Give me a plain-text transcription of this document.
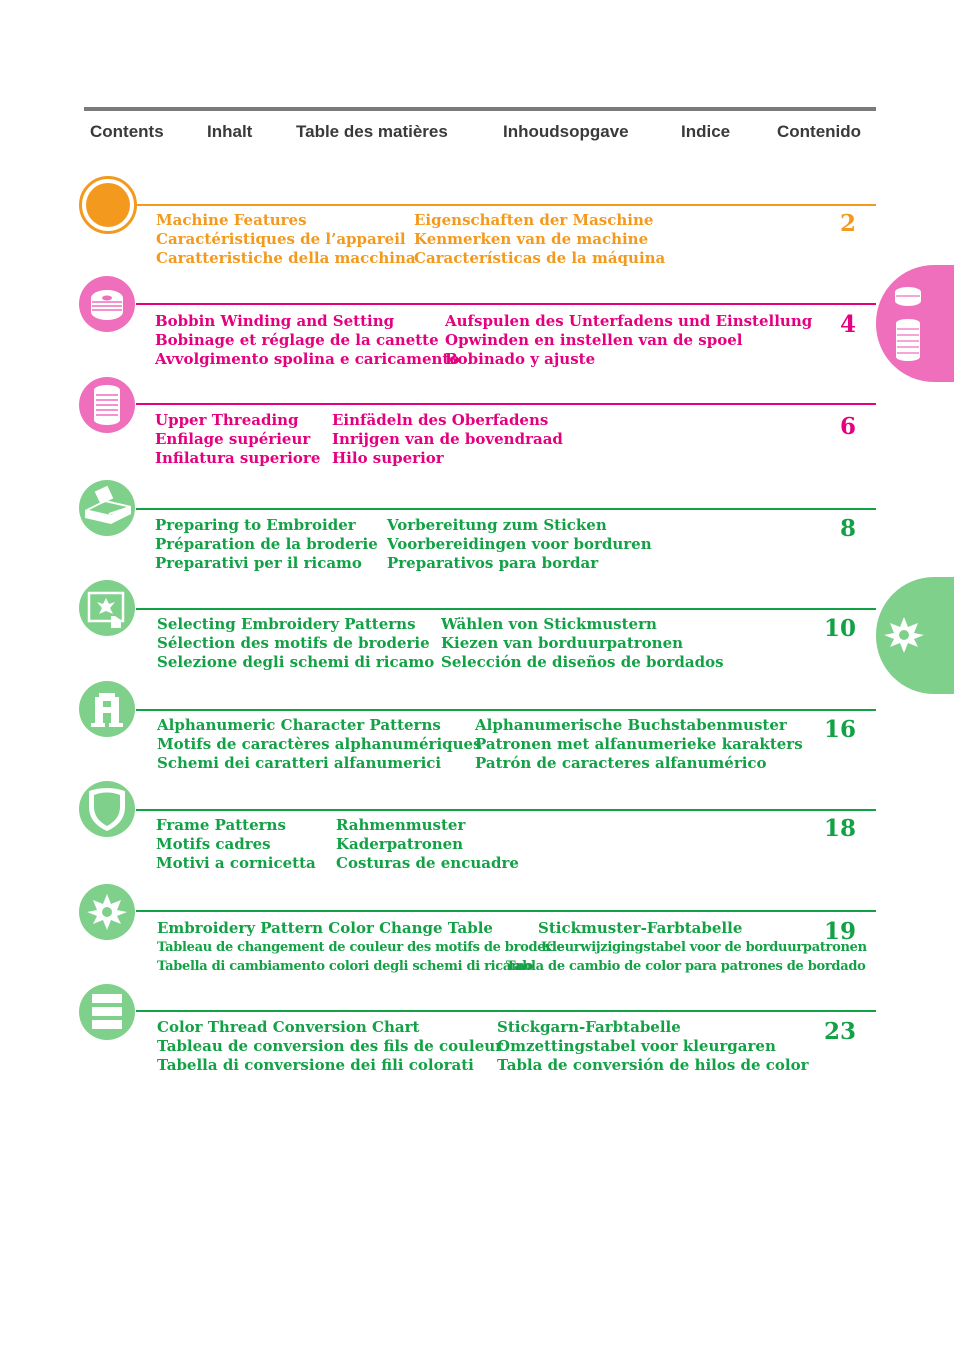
Contents	Inhalt	Table des matières	Inhoudsopgave	Indice	Contenido
Machine Features
Caractéristiques de l’appareil
Caratteristiche della macchina
Eigenschaften der Maschine
Kenmerken van de machine
Características de la máquina
2
Bobbin Winding and Setting
Bobinage et réglage de la canette
Avvolgimento spolina e caricamento
Aufspulen des Unterfadens und Einstellung
Opwinden en instellen van de spoel
Bobinado y ajuste
4
Upper Threading
Enfilage supérieur
Infilatura superiore
Einfädeln des Oberfadens
Inrijgen van de bovendraad
Hilo superior
6
Preparing to Embroider
Préparation de la broderie
Preparativi per il ricamo
Vorbereitung zum Sticken
Voorbereidingen voor borduren
Preparativos para bordar
8
Selecting Embroidery Patterns
Sélection des motifs de broderie
Selezione degli schemi di ricamo
Wählen von Stickmustern
Kiezen van borduurpatronen
Selección de diseños de bordados
10
Alphanumeric Character Patterns
Motifs de caractères alphanumériques
Schemi dei caratteri alfanumerici
Alphanumerische Buchstabenmuster
Patronen met alfanumerieke karakters
Patrón de caracteres alfanumérico
16
Frame Patterns
Motifs cadres
Motivi a cornicetta
Rahmenmuster
Kaderpatronen
Costuras de encuadre
18
Embroidery Pattern Color Change Table
Tableau de changement de couleur des motifs de broderie
Tabella di cambiamento colori degli schemi di ricamo
Stickmuster-Farbtabelle
Kleurwijzigingstabel voor de borduurpatronen
Tabla de cambio de color para patrones de bordado
19
Color Thread Conversion Chart
Tableau de conversion des fils de couleur
Tabella di conversione dei fili colorati
Stickgarn-Farbtabelle
Omzettingstabel voor kleurgaren
Tabla de conversión de hilos de color
23
